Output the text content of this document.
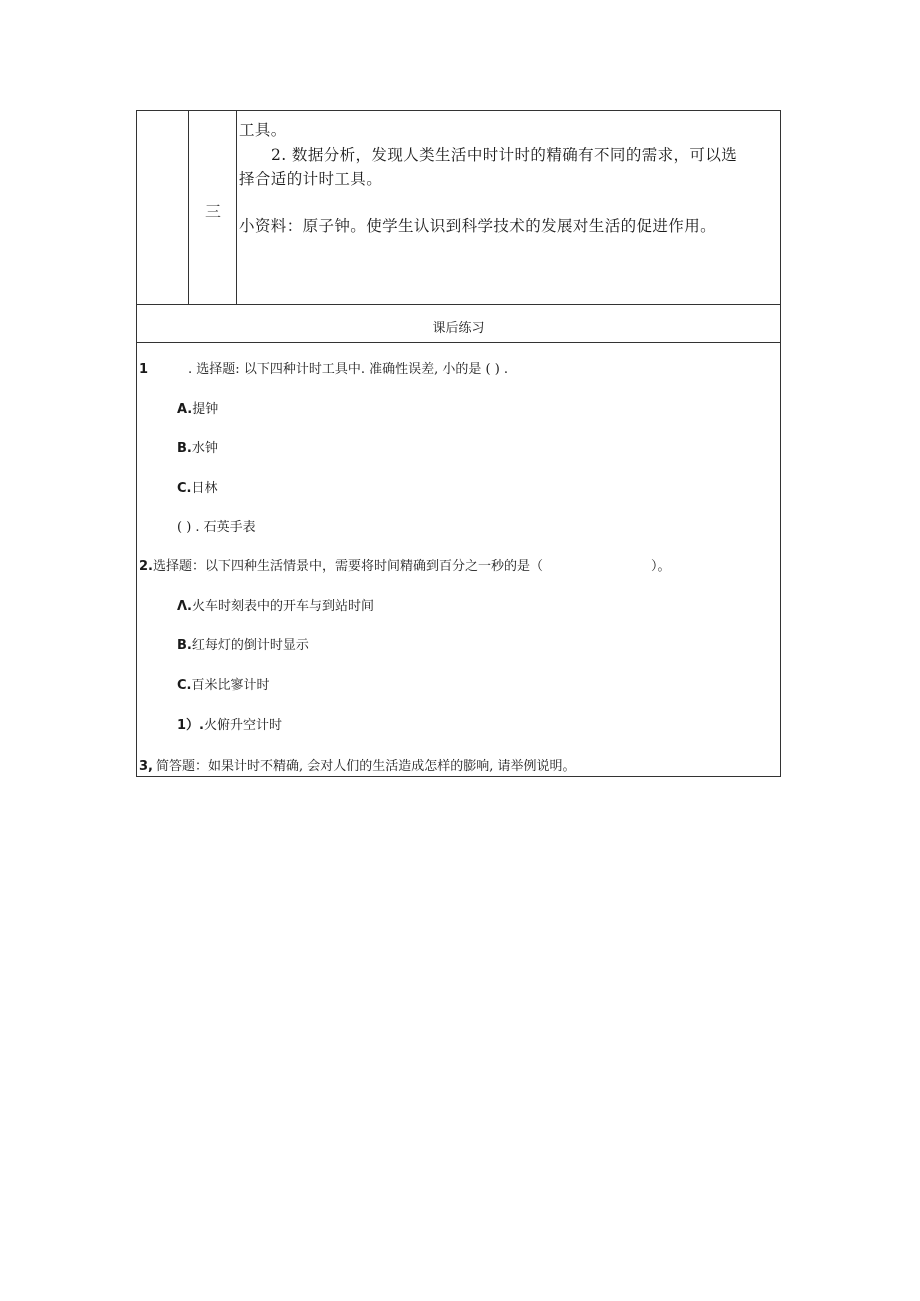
三
工具。
2. 数据分析，发现人类生活中时计时的精确有不同的需求，可以选
择合适的计时工具。
小资料：原子钟。使学生认识到科学技术的发展对生活的促进作用。
课后练习
1	. 选择题: 以下四种计时工具中. 准确性误差, 小的是 ( ) .
A.提钟
B.水钟
C.日林
( ) . 石英手表
2.选择题：以下四种生活情景中，需要将时间精确到百分之一秒的是（	）。
Λ.火车时刻表中的开车与到站时间
B.红每灯的倒计时显示
C.百米比寥计时
1）.火俯升空计时
3, 简答题：如果计时不精确, 会对人们的生活造成怎样的膨响, 请举例说明。
